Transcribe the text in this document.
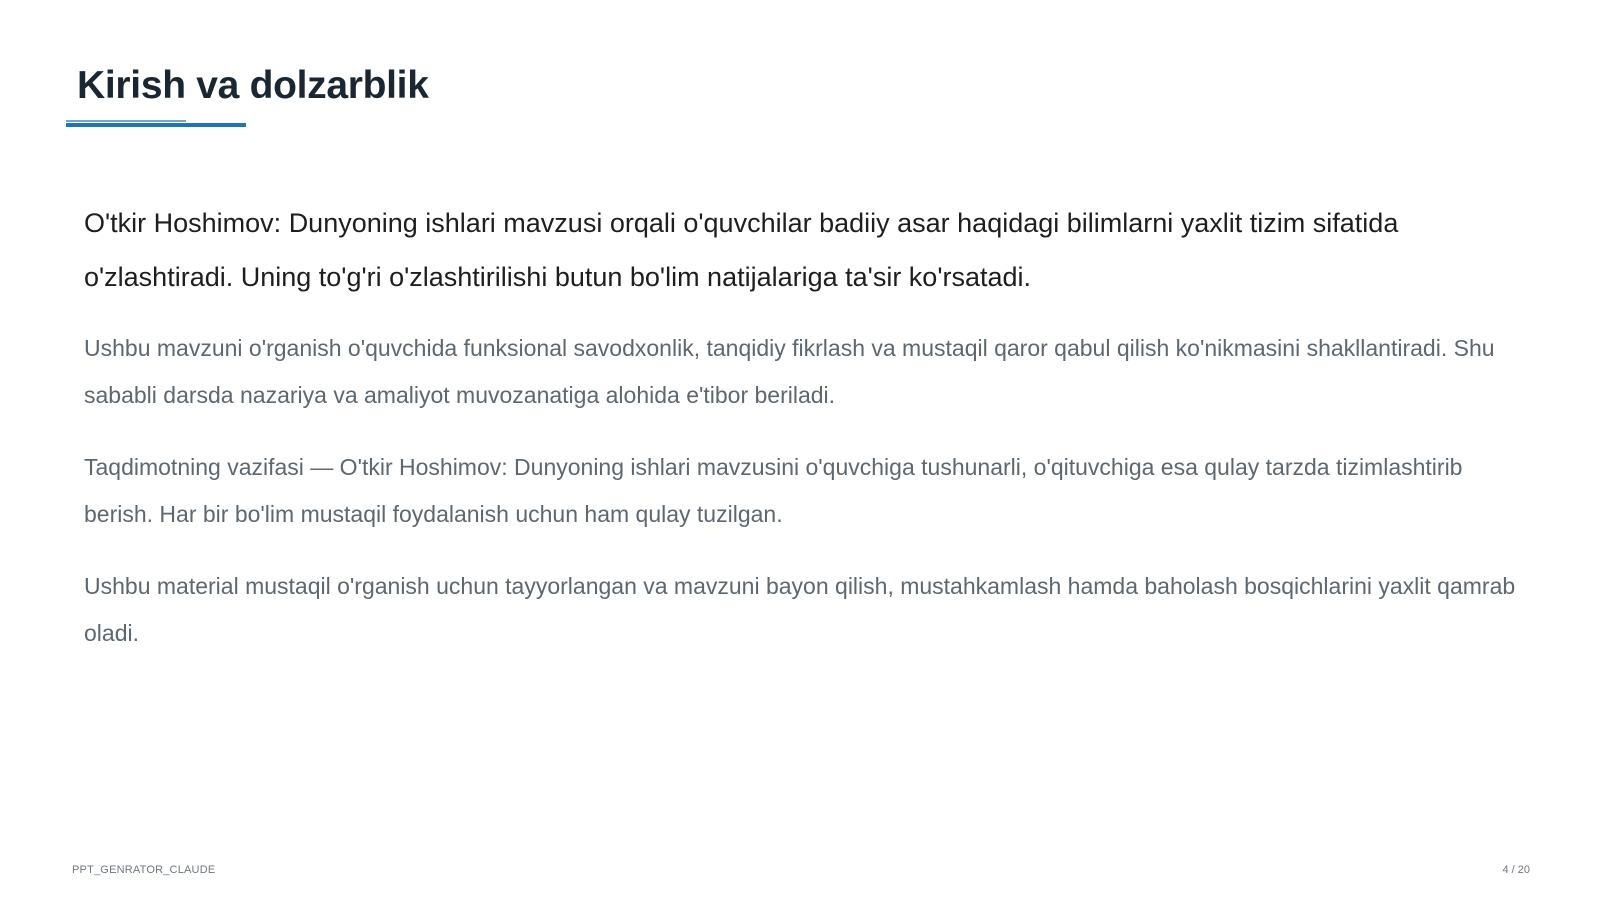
Kirish va dolzarblik

O'tkir Hoshimov: Dunyoning ishlari mavzusi orqali o'quvchilar badiiy asar haqidagi bilimlarni yaxlit tizim sifatida o'zlashtiradi. Uning to'g'ri o'zlashtirilishi butun bo'lim natijalariga ta'sir ko'rsatadi.

Ushbu mavzuni o'rganish o'quvchida funksional savodxonlik, tanqidiy fikrlash va mustaqil qaror qabul qilish ko'nikmasini shakllantiradi. Shu sababli darsda nazariya va amaliyot muvozanatiga alohida e'tibor beriladi.

Taqdimotning vazifasi — O'tkir Hoshimov: Dunyoning ishlari mavzusini o'quvchiga tushunarli, o'qituvchiga esa qulay tarzda tizimlashtirib berish. Har bir bo'lim mustaqil foydalanish uchun ham qulay tuzilgan.

Ushbu material mustaqil o'rganish uchun tayyorlangan va mavzuni bayon qilish, mustahkamlash hamda baholash bosqichlarini yaxlit qamrab oladi.

PPT_GENRATOR_CLAUDE	4 / 20
